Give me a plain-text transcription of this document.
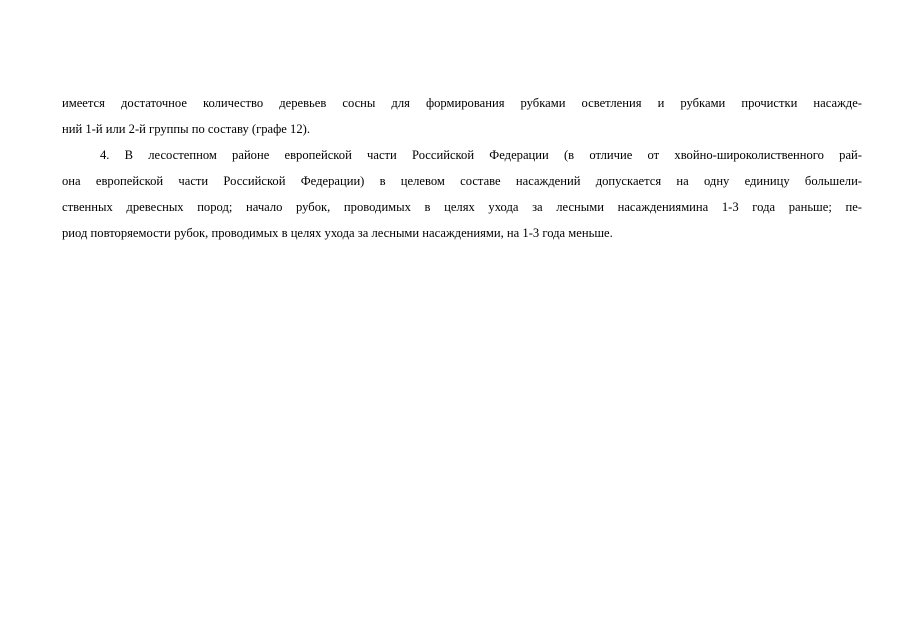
имеется достаточное количество деревьев сосны для формирования рубками осветления и рубками прочистки насажде-
ний 1-й или 2-й группы по составу (графе 12).
4. В лесостепном районе европейской части Российской Федерации (в отличие от хвойно-широколиственного рай-
она европейской части Российской Федерации) в целевом составе насаждений допускается на одну единицу большели-
ственных древесных пород; начало рубок, проводимых в целях ухода за лесными насаждениямина 1-3 года раньше; пе-
риод повторяемости рубок, проводимых в целях ухода за лесными насаждениями, на 1-3 года меньше.
